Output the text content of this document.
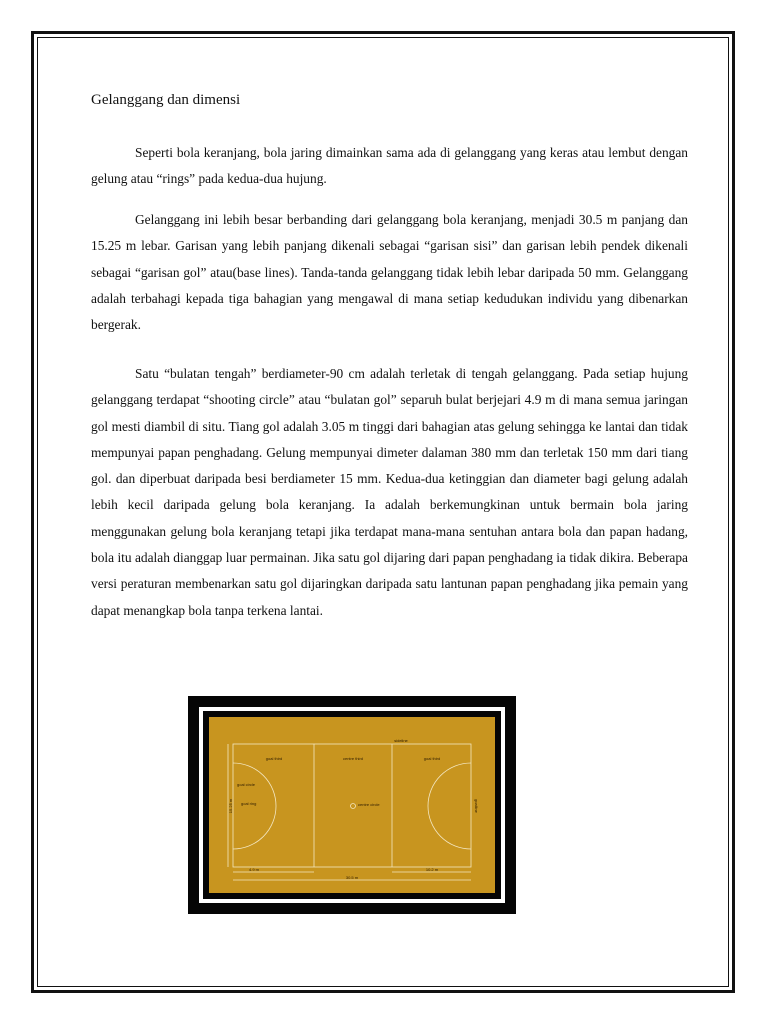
Gelanggang dan dimensi

Seperti bola keranjang, bola jaring dimainkan sama ada di gelanggang yang keras atau lembut dengan gelung atau “rings” pada kedua-dua hujung.

Gelanggang ini lebih besar berbanding dari gelanggang bola keranjang, menjadi 30.5 m panjang dan 15.25 m lebar. Garisan yang lebih panjang dikenali sebagai “garisan sisi” dan garisan lebih pendek dikenali sebagai “garisan gol” atau(base lines). Tanda-tanda gelanggang tidak lebih lebar daripada 50 mm. Gelanggang adalah terbahagi kepada tiga bahagian yang mengawal di mana setiap kedudukan individu yang dibenarkan bergerak.

Satu “bulatan tengah” berdiameter-90 cm adalah terletak di tengah gelanggang. Pada setiap hujung gelanggang terdapat “shooting circle” atau “bulatan gol” separuh bulat berjejari 4.9 m di mana semua jaringan gol mesti diambil di situ. Tiang gol adalah 3.05 m tinggi dari bahagian atas gelung sehingga ke lantai dan tidak mempunyai papan penghadang. Gelung mempunyai dimeter dalaman 380 mm dan terletak 150 mm dari tiang gol. dan diperbuat daripada besi berdiameter 15 mm. Kedua-dua ketinggian dan diameter bagi gelung adalah lebih kecil daripada gelung bola keranjang. Ia adalah berkemungkinan untuk bermain bola jaring menggunakan gelung bola keranjang tetapi jika terdapat mana-mana sentuhan antara bola dan papan hadang, bola itu adalah dianggap luar permainan. Jika satu gol dijaring dari papan penghadang ia tidak dikira. Beberapa versi peraturan membenarkan satu gol dijaringkan daripada satu lantunan papan penghadang jika pemain yang dapat menangkap bola tanpa terkena lantai.

sideline
goal third	centre third	goal third
goal circle
goal ring	centre circle	goalline
15.25 m
4.9 m	10.2 m
30.5 m
